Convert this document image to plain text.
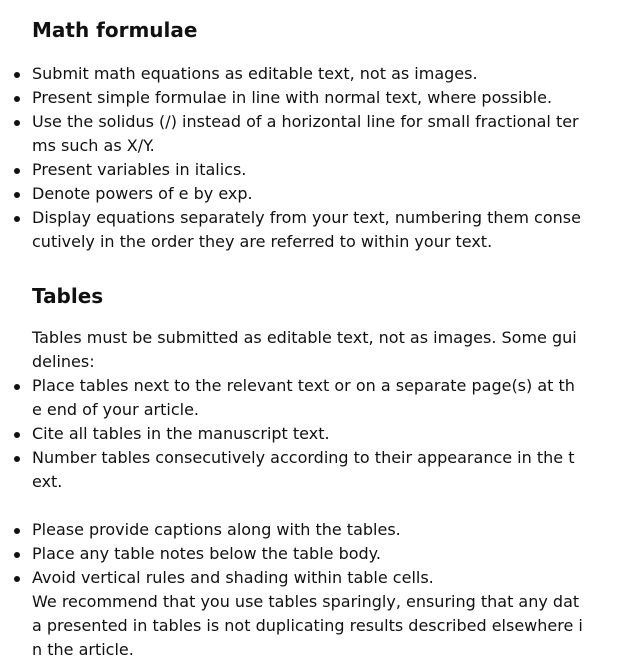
Math formulae
Submit math equations as editable text, not as images.
Present simple formulae in line with normal text, where possible.
Use the solidus (/) instead of a horizontal line for small fractional terms such as X/Y.
Present variables in italics.
Denote powers of e by exp.
Display equations separately from your text, numbering them consecutively in the order they are referred to within your text.
Tables

Tables must be submitted as editable text, not as images. Some guidelines:

Place tables next to the relevant text or on a separate page(s) at the end of your article.
Cite all tables in the manuscript text.
Number tables consecutively according to their appearance in the text.
Please provide captions along with the tables.
Place any table notes below the table body.
Avoid vertical rules and shading within table cells.

We recommend that you use tables sparingly, ensuring that any data presented in tables is not duplicating results described elsewhere in the article.
